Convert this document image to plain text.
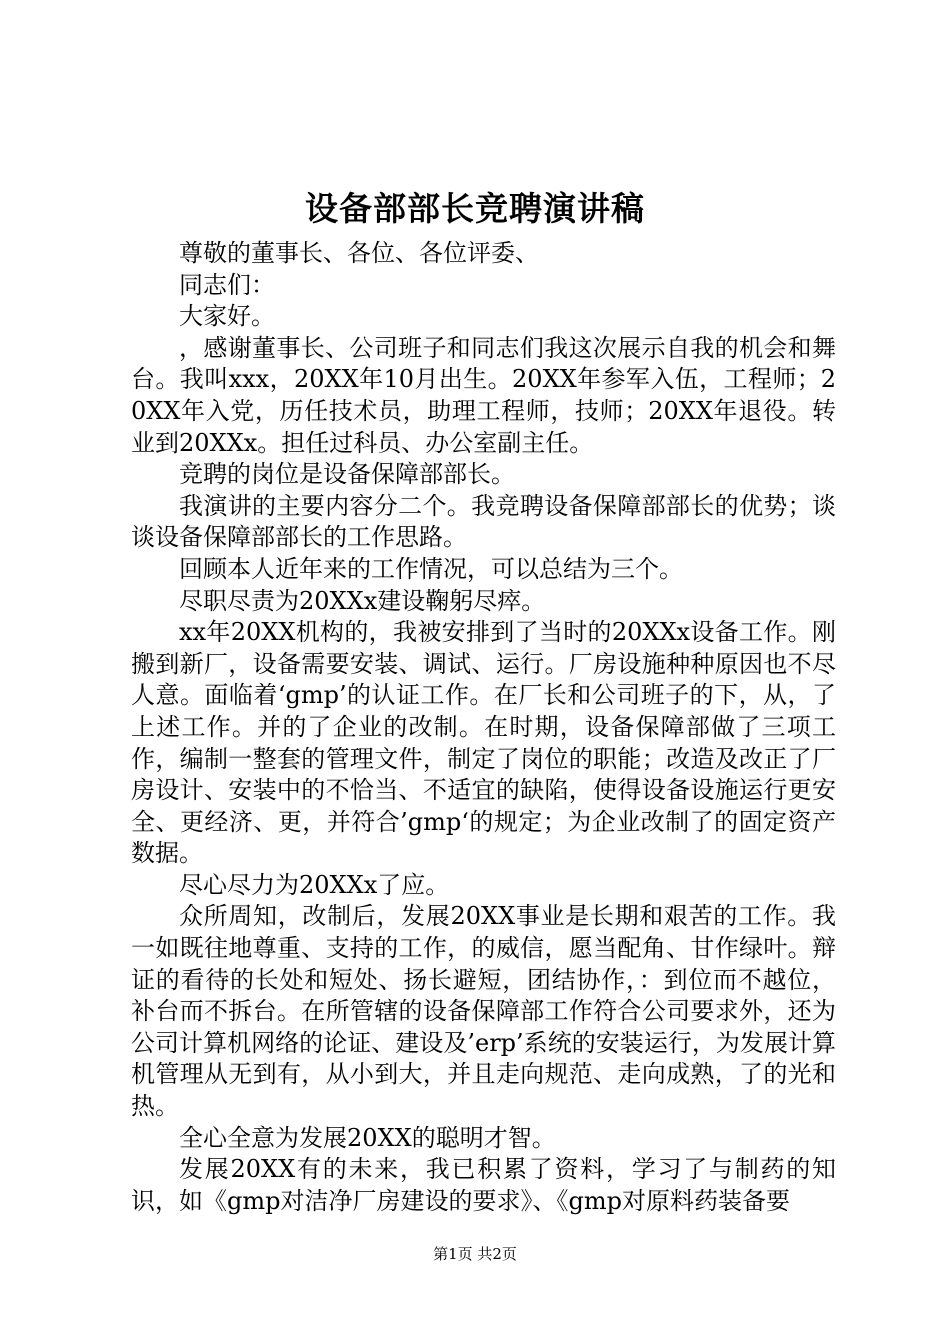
设备部部长竞聘演讲稿

尊敬的董事长、各位、各位评委、

同志们：

大家好。

，感谢董事长、公司班子和同志们我这次展示自我的机会和舞台。我叫xxx，20XX年10月出生。20XX年参军入伍，工程师；20XX年入党，历任技术员，助理工程师，技师；20XX年退役。转业到20XXx。担任过科员、办公室副主任。

竞聘的岗位是设备保障部部长。

我演讲的主要内容分二个。我竞聘设备保障部部长的优势；谈谈设备保障部部长的工作思路。

回顾本人近年来的工作情况，可以总结为三个。

尽职尽责为20XXx建设鞠躬尽瘁。

xx年20XX机构的，我被安排到了当时的20XXx设备工作。刚搬到新厂，设备需要安装、调试、运行。厂房设施种种原因也不尽人意。面临着‘gmp’的认证工作。在厂长和公司班子的下，从，了上述工作。并的了企业的改制。在时期，设备保障部做了三项工作，编制一整套的管理文件，制定了岗位的职能；改造及改正了厂房设计、安装中的不恰当、不适宜的缺陷，使得设备设施运行更安全、更经济、更，并符合’gmp‘的规定；为企业改制了的固定资产数据。

尽心尽力为20XXx了应。

众所周知，改制后，发展20XX事业是长期和艰苦的工作。我一如既往地尊重、支持的工作，的威信，愿当配角、甘作绿叶。辩证的看待的长处和短处、扬长避短，团结协作，：到位而不越位，补台而不拆台。在所管辖的设备保障部工作符合公司要求外，还为公司计算机网络的论证、建设及’erp’系统的安装运行，为发展计算机管理从无到有，从小到大，并且走向规范、走向成熟，了的光和热。

全心全意为发展20XX的聪明才智。

发展20XX有的未来，我已积累了资料，学习了与制药的知识，如《gmp对洁净厂房建设的要求》、《gmp对原料药装备要

第1页 共2页
